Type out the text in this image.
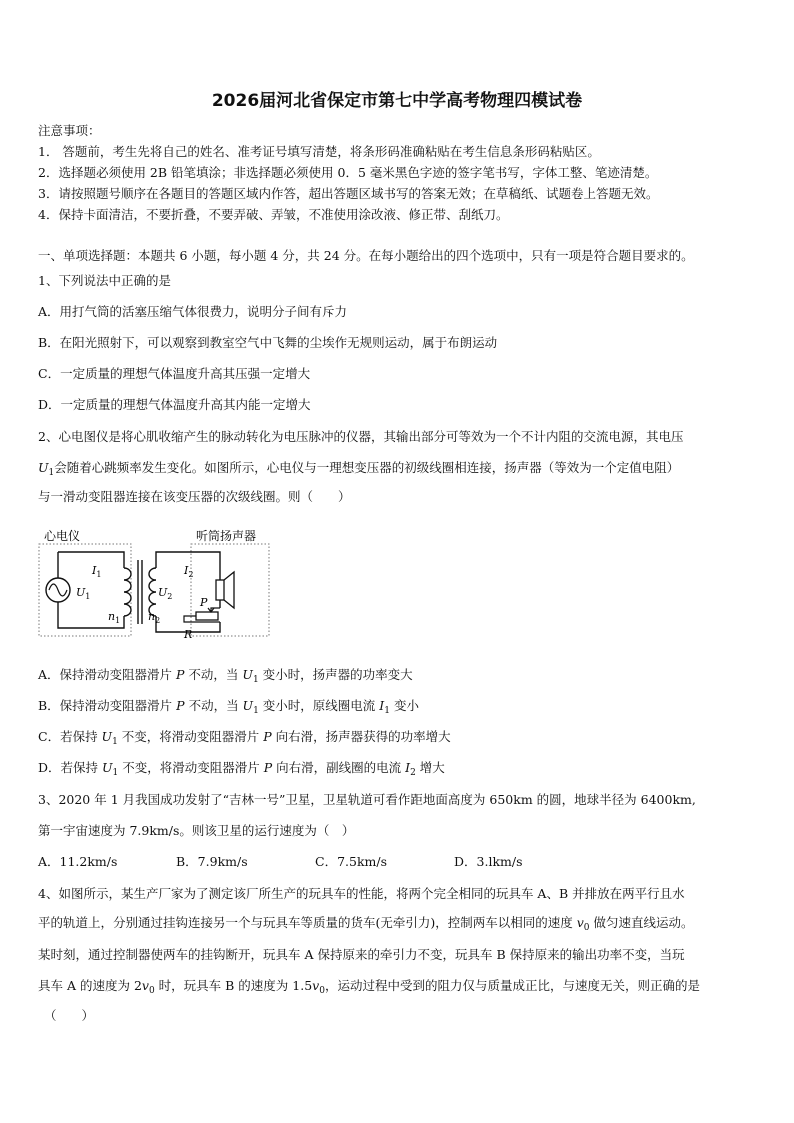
2026届河北省保定市第七中学高考物理四模试卷
注意事项：
1． 答题前，考生先将自己的姓名、准考证号填写清楚，将条形码准确粘贴在考生信息条形码粘贴区。
2．选择题必须使用 2B 铅笔填涂；非选择题必须使用 0．5 毫米黑色字迹的签字笔书写，字体工整、笔迹清楚。
3．请按照题号顺序在各题目的答题区域内作答，超出答题区域书写的答案无效；在草稿纸、试题卷上答题无效。
4．保持卡面清洁，不要折叠，不要弄破、弄皱，不准使用涂改液、修正带、刮纸刀。
一、单项选择题：本题共 6 小题，每小题 4 分，共 24 分。在每小题给出的四个选项中，只有一项是符合题目要求的。
1、下列说法中正确的是
A．用打气筒的活塞压缩气体很费力，说明分子间有斥力
B．在阳光照射下，可以观察到教室空气中飞舞的尘埃作无规则运动，属于布朗运动
C．一定质量的理想气体温度升高其压强一定增大
D．一定质量的理想气体温度升高其内能一定增大
2、心电图仪是将心肌收缩产生的脉动转化为电压脉冲的仪器，其输出部分可等效为一个不计内阻的交流电源，其电压
$U_1$会随着心跳频率发生变化。如图所示，心电仪与一理想变压器的初级线圈相连接，扬声器（等效为一个定值电阻）
与一滑动变阻器连接在该变压器的次级线圈。则（　　）
心电仪	听筒扬声器
$I_1$
$U_1$
$n_1$
$U_2$
$n_2$
$I_2$
P
R
A．保持滑动变阻器滑片 P 不动，当 $U_1$ 变小时，扬声器的功率变大
B．保持滑动变阻器滑片 P 不动，当 $U_1$ 变小时，原线圈电流 $I_1$ 变小
C．若保持 $U_1$ 不变，将滑动变阻器滑片 P 向右滑，扬声器获得的功率增大
D．若保持 $U_1$ 不变，将滑动变阻器滑片 P 向右滑，副线圈的电流 $I_2$ 增大
3、2020 年 1 月我国成功发射了“吉林一号”卫星，卫星轨道可看作距地面高度为 650km 的圆，地球半径为 6400km,
第一宇宙速度为 7.9km/s。则该卫星的运行速度为（　）
A．11.2km/s	B．7.9km/s	C．7.5km/s	D．3.lkm/s
4、如图所示，某生产厂家为了测定该厂所生产的玩具车的性能，将两个完全相同的玩具车 A、B 并排放在两平行且水
平的轨道上，分别通过挂钩连接另一个与玩具车等质量的货车(无牵引力)，控制两车以相同的速度 $v_0$ 做匀速直线运动。
某时刻，通过控制器使两车的挂钩断开，玩具车 A 保持原来的牵引力不变，玩具车 B 保持原来的输出功率不变，当玩
具车 A 的速度为 $2v_0$ 时，玩具车 B 的速度为 $1.5v_0$，运动过程中受到的阻力仅与质量成正比，与速度无关，则正确的是
（　　）
